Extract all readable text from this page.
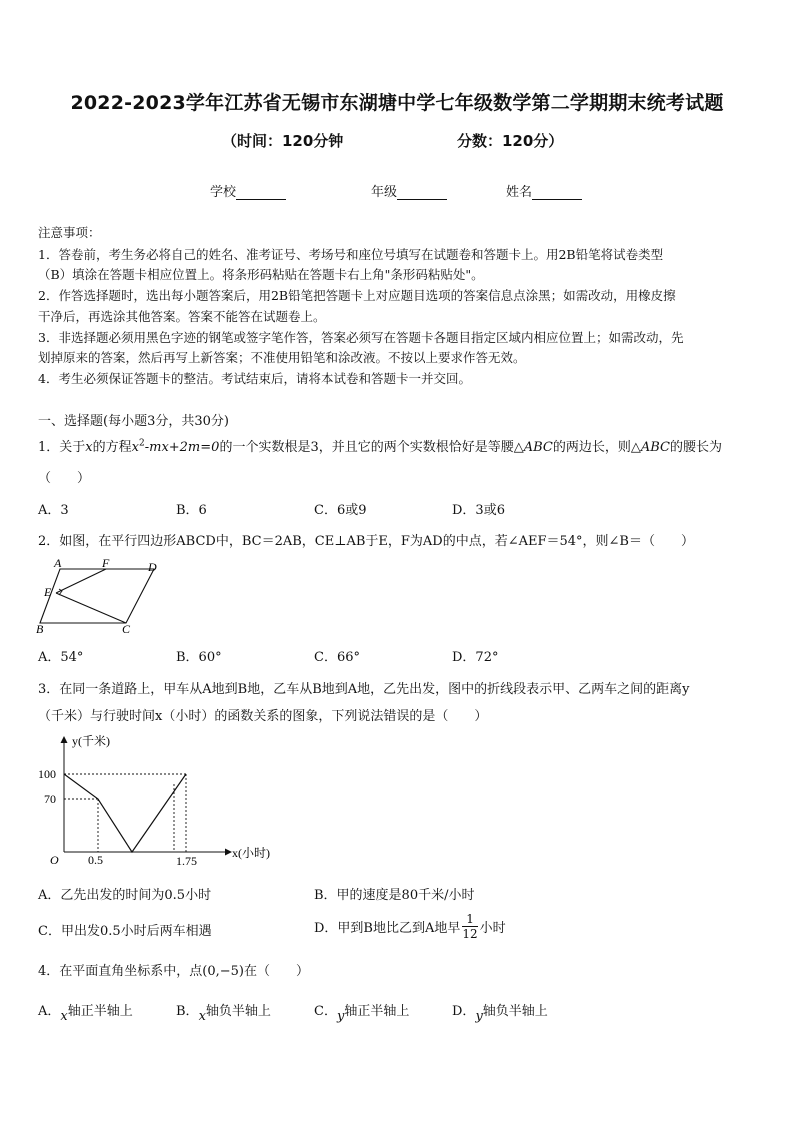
2022-2023学年江苏省无锡市东湖塘中学七年级数学第二学期期末统考试题
（时间：120分钟	分数：120分）
学校	年级	姓名
注意事项：
1．答卷前，考生务必将自己的姓名、准考证号、考场号和座位号填写在试题卷和答题卡上。用2B铅笔将试卷类型
（B）填涂在答题卡相应位置上。将条形码粘贴在答题卡右上角"条形码粘贴处"。
2．作答选择题时，选出每小题答案后，用2B铅笔把答题卡上对应题目选项的答案信息点涂黑；如需改动，用橡皮擦
干净后，再选涂其他答案。答案不能答在试题卷上。
3．非选择题必须用黑色字迹的钢笔或签字笔作答，答案必须写在答题卡各题目指定区域内相应位置上；如需改动，先
划掉原来的答案，然后再写上新答案；不准使用铅笔和涂改液。不按以上要求作答无效。
4．考生必须保证答题卡的整洁。考试结束后，请将本试卷和答题卡一并交回。
一、选择题(每小题3分，共30分)
1．关于x的方程$x^2-mx+2m=0$的一个实数根是3，并且它的两个实数根恰好是等腰△ABC的两边长，则△ABC的腰长为
（　　）
A．3	B．6	C．6或9	D．3或6
2．如图，在平行四边形ABCD中，BC＝2AB，CE⊥AB于E，F为AD的中点，若∠AEF＝54°，则∠B＝（　　）
A	F	D
E
B	C
A．54°	B．60°	C．66°	D．72°
3．在同一条道路上，甲车从A地到B地，乙车从B地到A地，乙先出发，图中的折线段表示甲、乙两车之间的距离y
（千米）与行驶时间x（小时）的函数关系的图象，下列说法错误的是（　　）
y(千米)
x(小时)
O
100
70
0.5	1.75
A．乙先出发的时间为0.5小时	B．甲的速度是80千米/小时
C．甲出发0.5小时后两车相遇	D．甲到B地比乙到A地早 $\frac{1}{12}$ 小时
4．在平面直角坐标系中，点(0,−5)在（　　）
A．x轴正半轴上	B．x轴负半轴上	C．y轴正半轴上	D．y轴负半轴上
